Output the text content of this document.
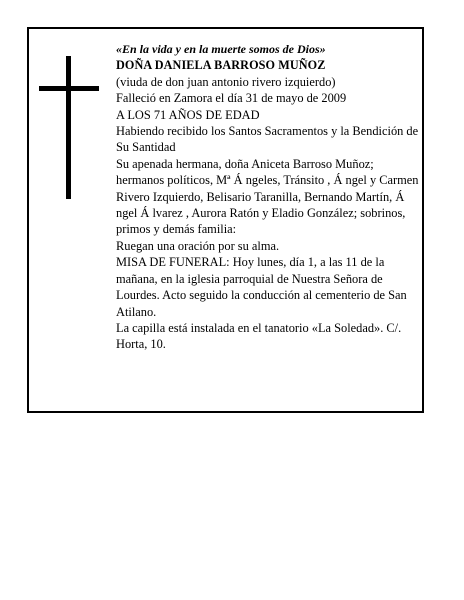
«En la vida y en la muerte somos de Dios»

DOÑA DANIELA BARROSO MUÑOZ

(viuda de don juan antonio rivero izquierdo)

Falleció en Zamora el día 31 de mayo de 2009

A LOS 71 AÑOS DE EDAD

Habiendo recibido los Santos Sacramentos y la Bendición de Su Santidad

Su apenada hermana, doña Aniceta Barroso Muñoz; hermanos políticos, Mª Á ngeles, Tránsito , Á ngel y Carmen Rivero Izquierdo, Belisario Taranilla, Bernando Martín, Á ngel Á lvarez , Aurora Ratón y Eladio González; sobrinos, primos y demás familia:

Ruegan una oración por su alma.

MISA DE FUNERAL: Hoy lunes, día 1, a las 11 de la mañana, en la iglesia parroquial de Nuestra Señora de Lourdes. Acto seguido la conducción al cementerio de San Atilano.

La capilla está instalada en el tanatorio «La Soledad». C/. Horta, 10.
